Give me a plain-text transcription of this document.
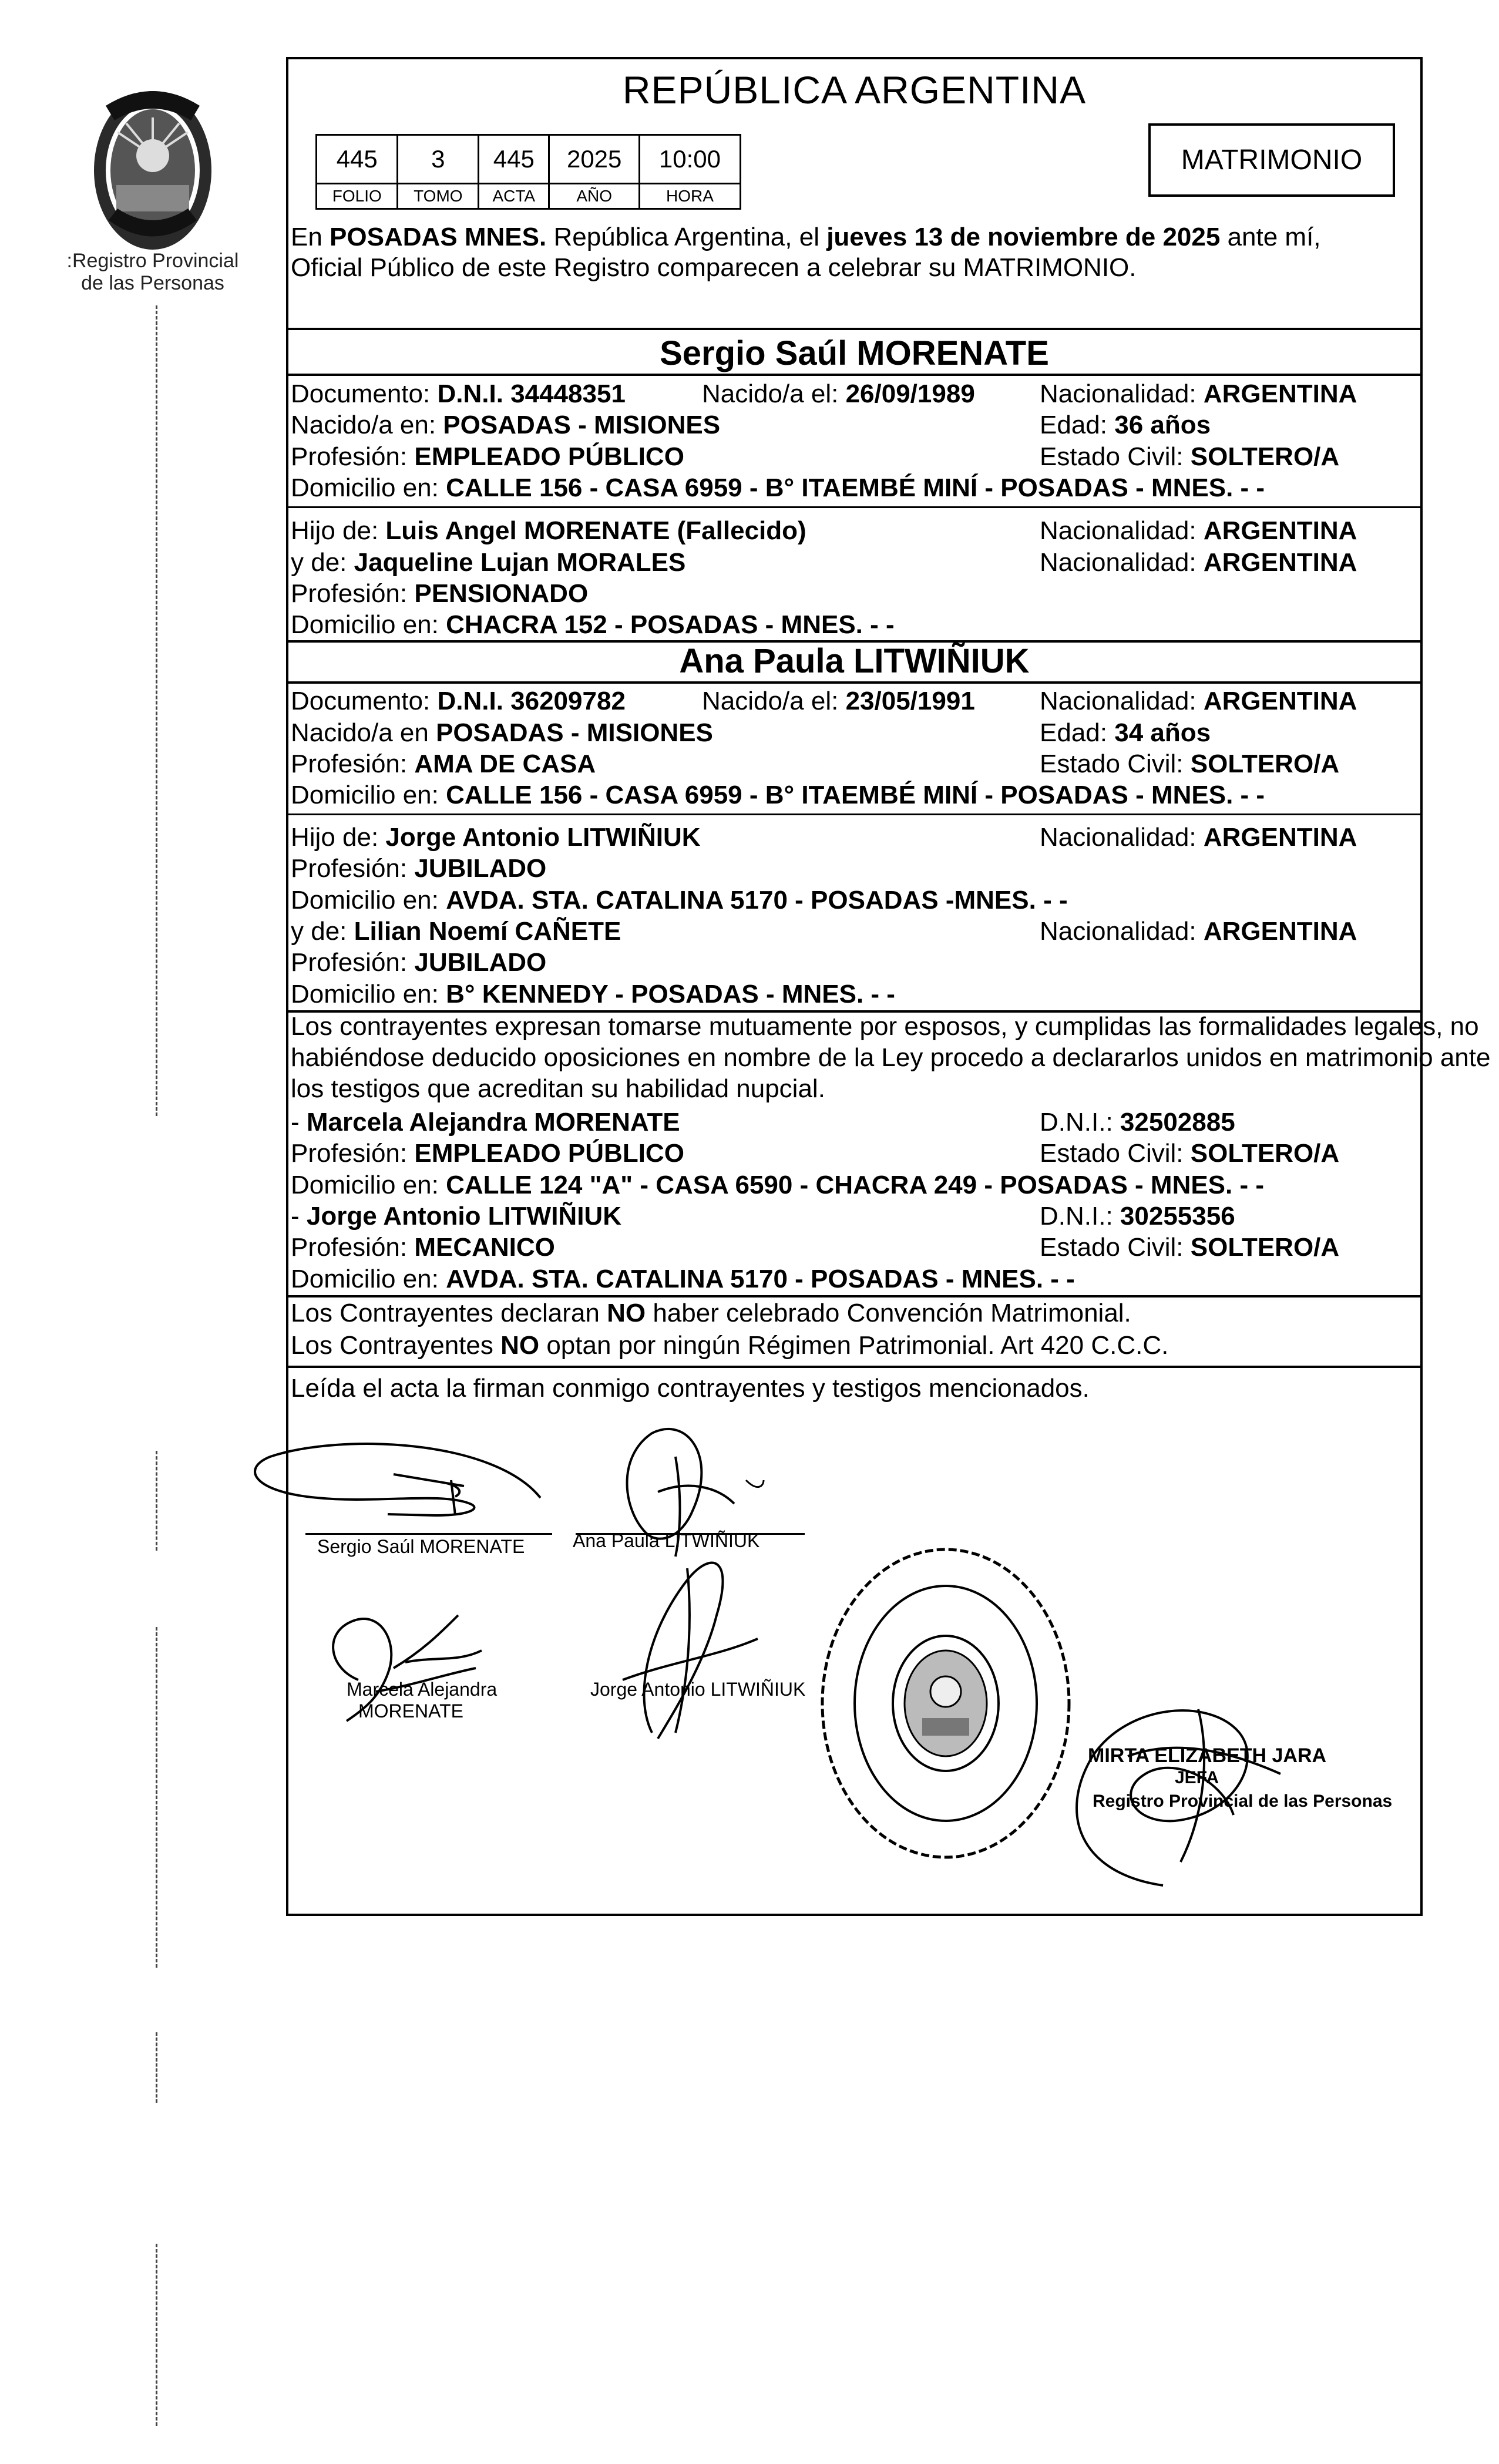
:Registro Provincial
de las Personas
REPÚBLICA ARGENTINA
445	3	445	2025	10:00
FOLIO	TOMO	ACTA	AÑO	HORA
MATRIMONIO
En POSADAS MNES. República Argentina, el jueves 13 de noviembre de 2025 ante mí,
Oficial Público de este Registro comparecen a celebrar su MATRIMONIO.
Sergio Saúl MORENATE
Documento: D.N.I. 34448351	Nacido/a el: 26/09/1989	Nacionalidad: ARGENTINA
Nacido/a en: POSADAS - MISIONES	Edad: 36 años
Profesión: EMPLEADO PÚBLICO	Estado Civil: SOLTERO/A
Domicilio en: CALLE 156 - CASA 6959 - B° ITAEMBÉ MINÍ - POSADAS - MNES. - -
Hijo de: Luis Angel MORENATE (Fallecido)	Nacionalidad: ARGENTINA
y de: Jaqueline Lujan MORALES	Nacionalidad: ARGENTINA
Profesión: PENSIONADO
Domicilio en: CHACRA 152 - POSADAS - MNES. - -
Ana Paula LITWIÑIUK
Documento: D.N.I. 36209782	Nacido/a el: 23/05/1991	Nacionalidad: ARGENTINA
Nacido/a en POSADAS - MISIONES	Edad: 34 años
Profesión: AMA DE CASA	Estado Civil: SOLTERO/A
Domicilio en: CALLE 156 - CASA 6959 - B° ITAEMBÉ MINÍ - POSADAS - MNES. - -
Hijo de: Jorge Antonio LITWIÑIUK	Nacionalidad: ARGENTINA
Profesión: JUBILADO
Domicilio en: AVDA. STA. CATALINA 5170 - POSADAS -MNES. - -
y de: Lilian Noemí CAÑETE	Nacionalidad: ARGENTINA
Profesión: JUBILADO
Domicilio en: B° KENNEDY - POSADAS - MNES. - -
Los contrayentes expresan tomarse mutuamente por esposos, y cumplidas las formalidades legales, no
habiéndose deducido oposiciones en nombre de la Ley procedo a declararlos unidos en matrimonio ante
los testigos que acreditan su habilidad nupcial.
- Marcela Alejandra MORENATE	D.N.I.: 32502885
Profesión: EMPLEADO PÚBLICO	Estado Civil: SOLTERO/A
Domicilio en: CALLE 124 "A" - CASA 6590 - CHACRA 249 - POSADAS - MNES. - -
- Jorge Antonio LITWIÑIUK	D.N.I.: 30255356
Profesión: MECANICO	Estado Civil: SOLTERO/A
Domicilio en: AVDA. STA. CATALINA 5170 - POSADAS - MNES. - -
Los Contrayentes declaran NO haber celebrado Convención Matrimonial.
Los Contrayentes NO optan por ningún Régimen Patrimonial. Art 420 C.C.C.
Leída el acta la firman conmigo contrayentes y testigos mencionados.
Sergio Saúl MORENATE	Ana Paula LITWIÑIUK
Marcela Alejandra
MORENATE
Jorge Antonio LITWIÑIUK
MIRTA ELIZABETH JARA
JEFA
Registro Provincial de las Personas
